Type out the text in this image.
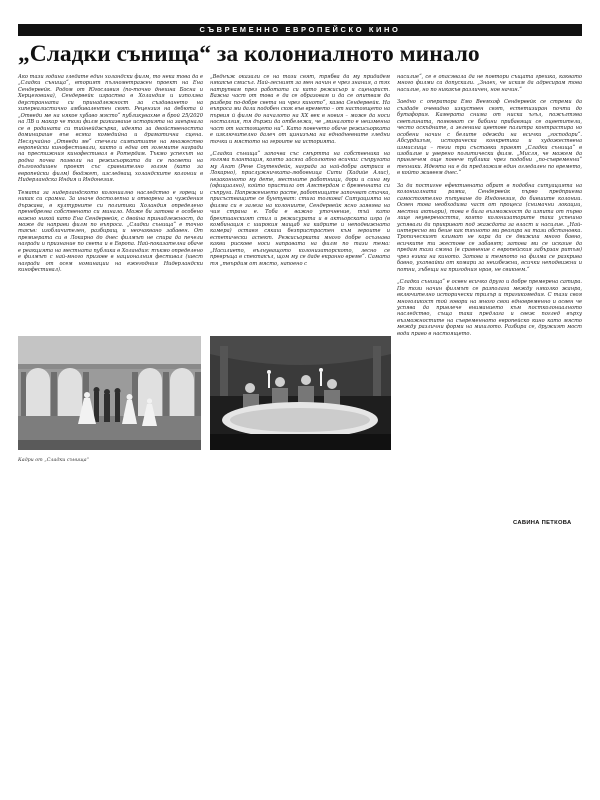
СЪВРЕМЕННО ЕВРОПЕЙСКО КИНО
„Сладки сънища“ за колониалното минало

Ако тази година гледате един холандски филм, то нека това да е „Сладки сънища“, вторият пълнометражен проект на Ена Сендервейк. Родом от Югославия (по-точно днешна Босна и Херцеговина), Сендервейк израства в Холандия и използва двустранната си принадлежност за създаването на хипереалистично амбивалентен свят. Рецензия на дебюта й „Отведи ме на някое хубаво място“ публикувахме в брой 25/2020 на ЛВ и макар че този филм разказваше историята на завърнала се в родината си тийнейджърка, идеята за двойствеността доминираше във всяка комедийна и драматична сцена. Неслучайно „Отведи ме“ спечели симпатиите на множество европейски кинофестивали, както и една от големите награди на престижния кинофестивал в Ротердам. Тъкмо успехът на родна почва позволи на режисьорката да се посвети на дългогодишен проект със сравнително голям (като за европейски филм) бюджет, изследващ холандските колонии в Нидерландска Индия и Индонезия.

Темата за нидерландското колониално наследство е горещ и никак си срамна. За иначе достолепна и отворена за чуждения държава, в културните си политики Холандия определено пренебрегва собственото си минало. Може би затова е особено важно никой като Ена Сендервейк, с двойна принадлежност, да може да направи филм по въпроса. „Сладки сънища“ е точно такъв: изобличителен, разбиращ и неочаквано забавен. От премиерата си в Локарно до днес филмът не спира да печели награди и признание по света и в Европа. Най-показателна обаче е реакцията на местната публика в Холандия: тъкмо определено е филмът с най-много призове в националния фестивал (шест награди от осем номинации на ежегодния Нидерландски кинофестивал).

„Веднъж оказали се на този свят, трябва да му придадем някакъв смисъл. Най-лесният за мен начин е чрез знания, а тях натрупвам през работата си като режисьор и сценарист. Важна част от това е да се образовам и да се опитвам да разбера по-добре света ни чрез киното“, казва Сендервейк. На въпроса ми дали подобен скок във времето – от настоящето на първия й филм до началото на XX век в новия – може да носи носталгия, тя държи да отбележи, че „миналото е неизменна част от настоящето ни“. Като повечето обаче режисьорката е изключително далеч от цинизъма на еднодневните гледни точки и мястото на героите на историята.

„Сладки сънища“ започва със смъртта на собственика на голяма плантация, която засяга абсолютно всички: съпругата му Агат (Рене Соутендейк, награда за най-добра актриса в Локарно), прислужничката-любовница Сити (Хадийе Алис), незаконното му дете, местните работници, дори и сина му (официално), който пристига от Амстердам с бременната си съпруга. Напрежението расте, работниците започват стачка, присъстващите се бунтуват: стига толкова! Ситуацията на филма си е залеза на колониите, Сендервейк ясно заявява на чия страна е. Тоба е важно уточнение, тъй като брехтианският стил и режисурата и в актьорската игра (в комбинация с широкия мащаб на кадрите и неподвижната камера) оставя сякаш безпристрастен към героите и естетически аспект. Режисьорката много добре осъзнава какви рискове носи направата на филм по тази тема: „Насилието, вълнуващото колонизаторското, лесно се превръща в спектакъл, щом му се даде екранно време“. Самата тя „твърдим от място, напоено с

насилие“, се е опасявала да не повтори същата грешка, каквато много филми са допускали. „Знаех, че искам да адресирам това насилие, но по никакъв различен, нов начин.“

Заедно с оператора Емо Веемхоф Сендервейк се стреми да създаде очевидно изкуствен свят, естетизиран почти до бутафория. Камерата снима от ниска ъгъл, пожълтява светлината, появяват се бабини прибавящи се оцветители, често оскъдните, а зеленина цветове палитра контрастира но особени начин с белите одежди на всички „господари“. Абсурдизъм, историческа конкретика и художествена измислица – тези три съставки правят „Сладки сънища“ в изобилие и уверено политически филм. „Мисля, че можем да привлечем още повече публика чрез подобни „по-съвременни“ техники. Идеята ни е да предложим един огледален по времето, в който живеем днес.“

За да постигне ефективната обрат в подобна ситуацията на колониалната рамка, Сендервейк първо предприема самостоятелно пътуване до Индонезия, до бившите колонии. Освен това необходима част от процеса (снимачни локации, местни актьори), това е била възможност да изпита от първо лице неувереността, която колонизаторите така успешно успявали да прикриват под жаждата за власт и насилие. „Най-интересно ми беше как тяхното ми реагира на тази обстановка. Тропическият климат не кара да се движиш много бавно, всичките ти жестове се забавят; затова ми се искаше да предам тази смяна (в сравнение с европейския забързан ритъм) чрез езика на киното. Затова и темпото на филма се разкрива бавно, ухапвайки от комари за неизбежни, всички неподвижни и потни, зъбещи на пригодния нрав, не свикнем.“

„Сладки сънища“ е освен всичко друго и добре премерена сатира. По този начин филмът се разполага между няколко жанра, включително исторически трилър и трагикомедия. С тази своя многоликост той говори на много свои едновременно и освен че успява да привлече вниманието към постколониалното наследство, съща така предлага и свеж поглед върху възможностите на съвременното европейско кино като място между различни форми на мишлото. Разбира се, дружият мост води право в настоящето.

Кадри от „Сладки сънища“
САВИНА ПЕТКОВА
